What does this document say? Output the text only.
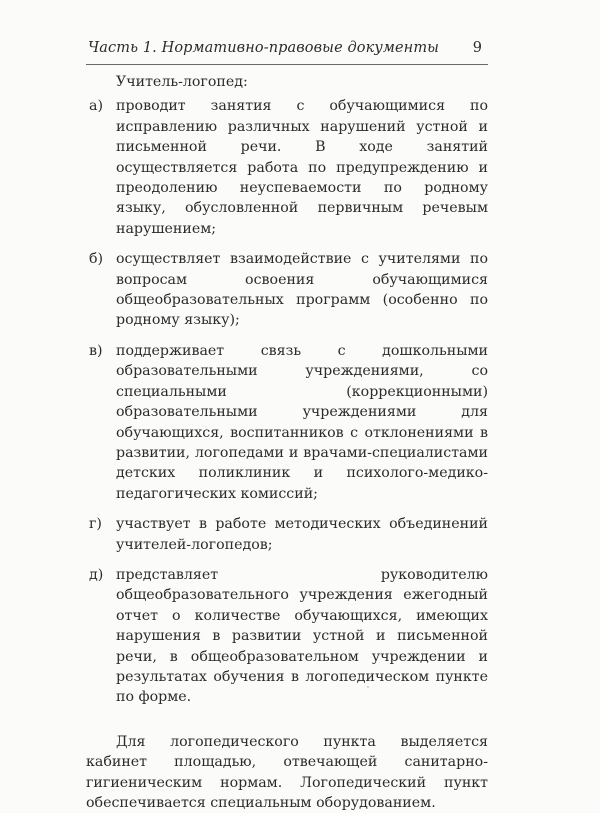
Часть 1. Нормативно-правовые документы 9

Учитель-логопед:

а) проводит занятия с обучающимися по исправлению различных нарушений устной и письменной речи. В ходе занятий осуществляется работа по предупреждению и преодолению неуспеваемости по родному языку, обусловленной первичным речевым нарушением;
б) осуществляет взаимодействие с учителями по вопросам освоения обучающимися общеобразовательных программ (особенно по родному языку);
в) поддерживает связь с дошкольными образовательными учреждениями, со специальными (коррекционными) образовательными учреждениями для обучающихся, воспитанников с отклонениями в развитии, логопедами и врачами-специалистами детских поликлиник и психолого-медико-педагогических комиссий;
г) участвует в работе методических объединений учителей-логопедов;
д) представляет руководителю общеобразовательного учреждения ежегодный отчет о количестве обучающихся, имеющих нарушения в развитии устной и письменной речи, в общеобразовательном учреждении и результатах обучения в логопедическом пункте по форме.

Для логопедического пункта выделяется кабинет площадью, отвечающей санитарно-гигиеническим нормам. Логопедический пункт обеспечивается специальным оборудованием.
